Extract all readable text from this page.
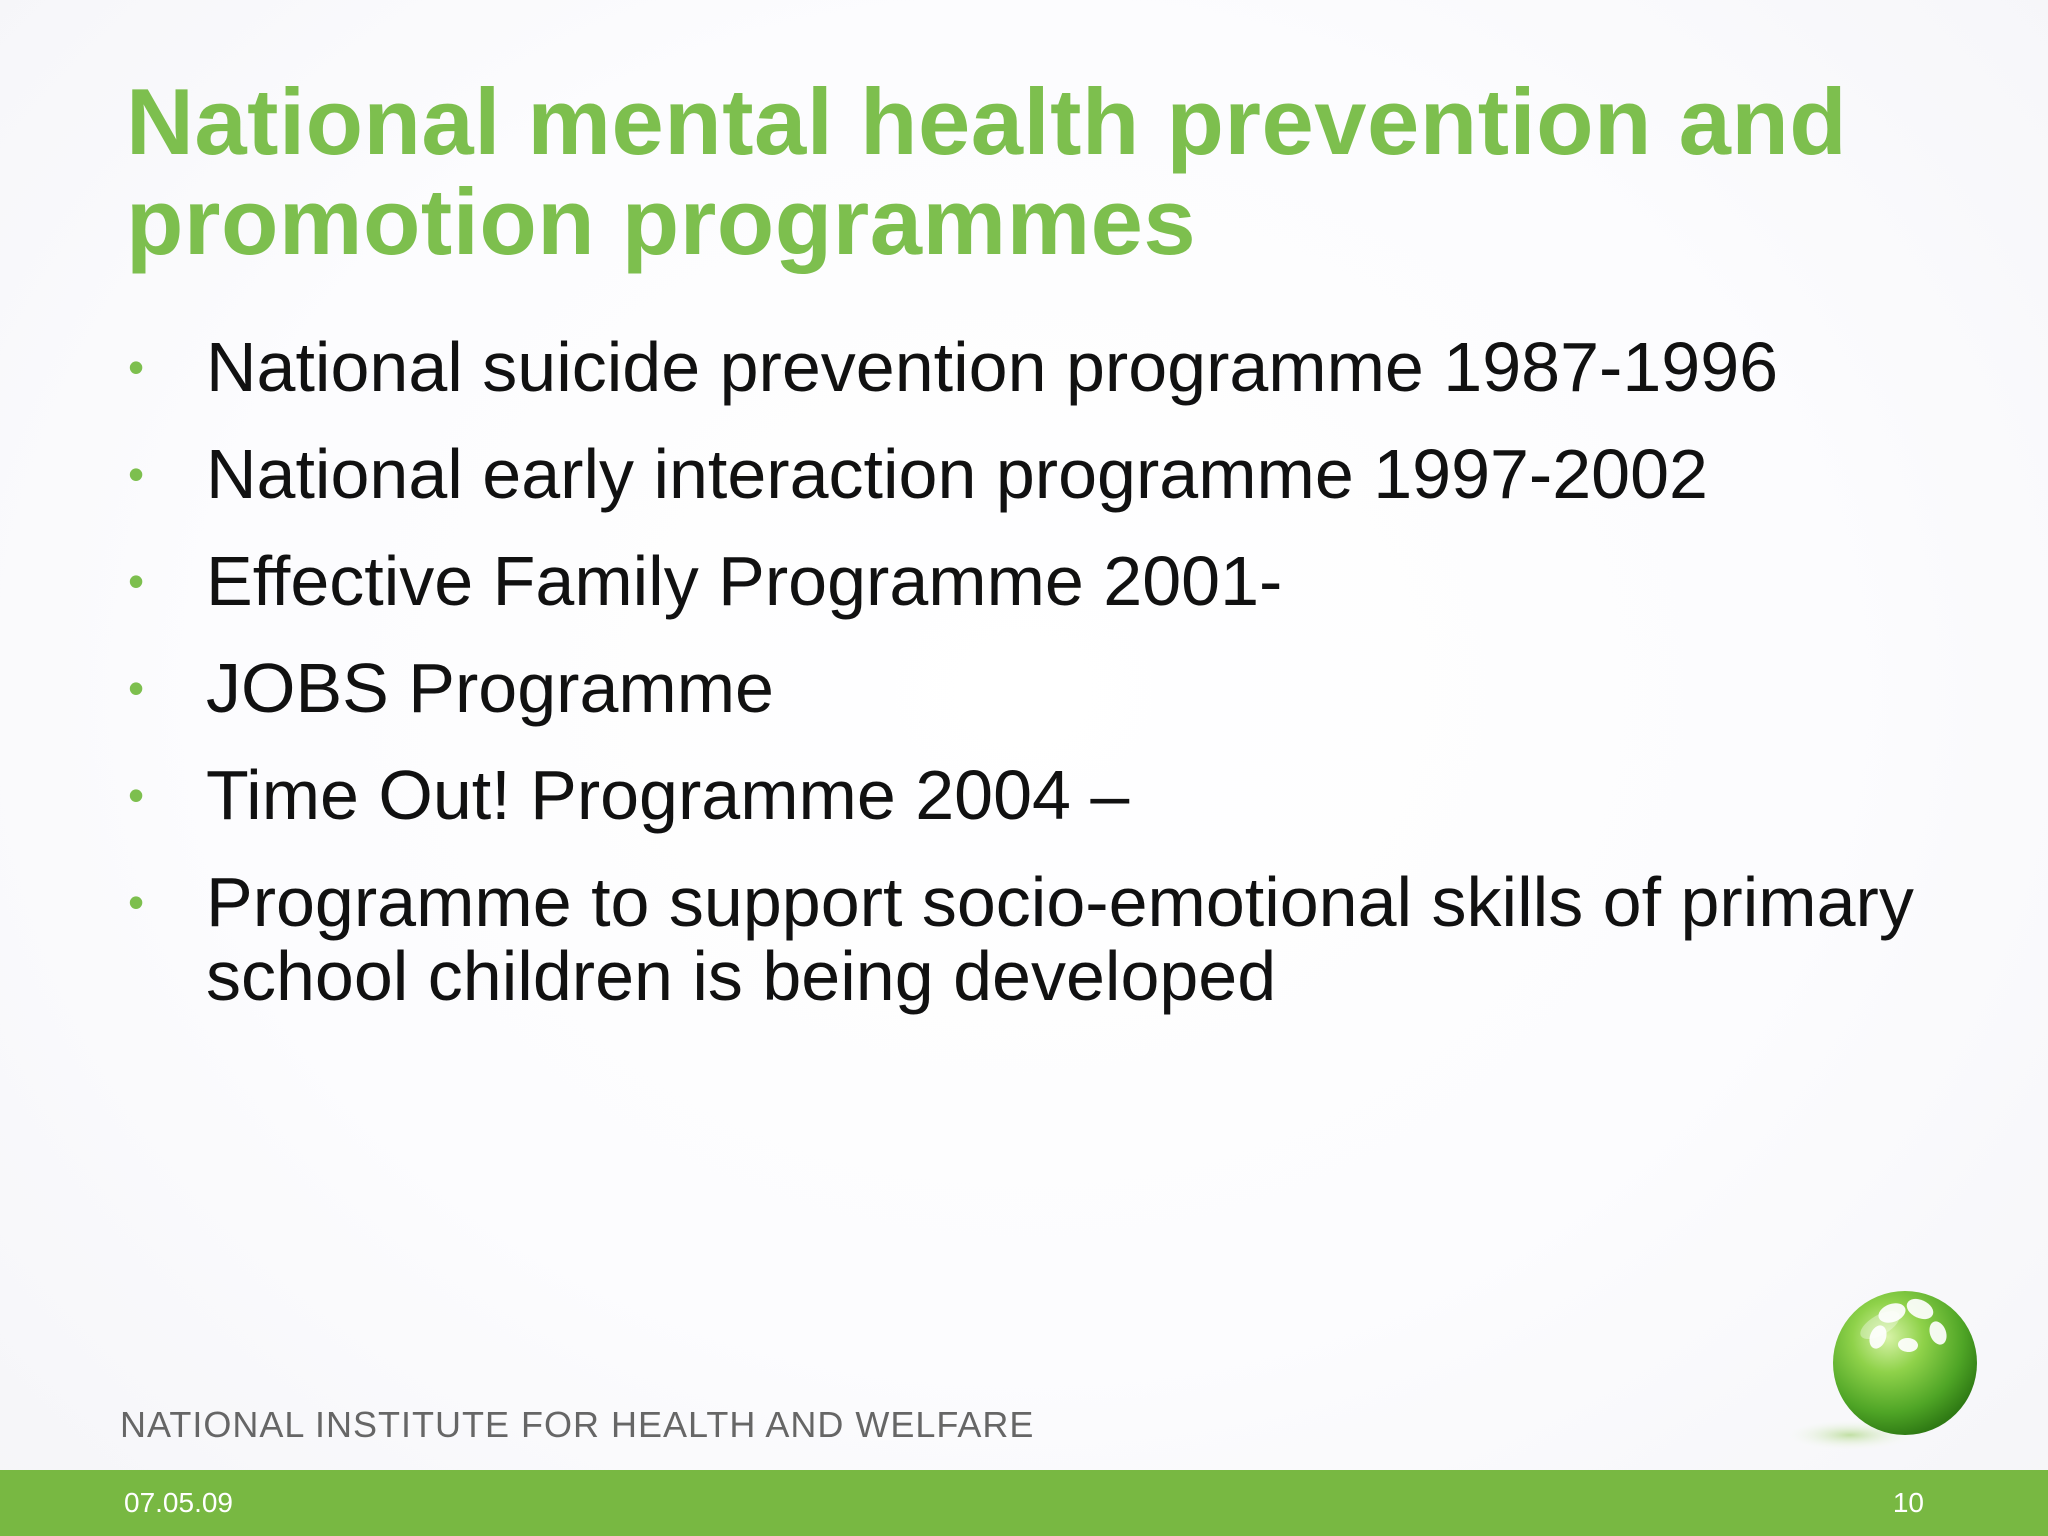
National mental health prevention and promotion programmes
• National suicide prevention programme 1987-1996
• National early interaction programme 1997-2002
• Effective Family Programme 2001-
• JOBS Programme
• Time Out! Programme 2004 –
• Programme to support socio-emotional skills of primary school children is being developed
NATIONAL INSTITUTE FOR HEALTH AND WELFARE
07.05.09	10
